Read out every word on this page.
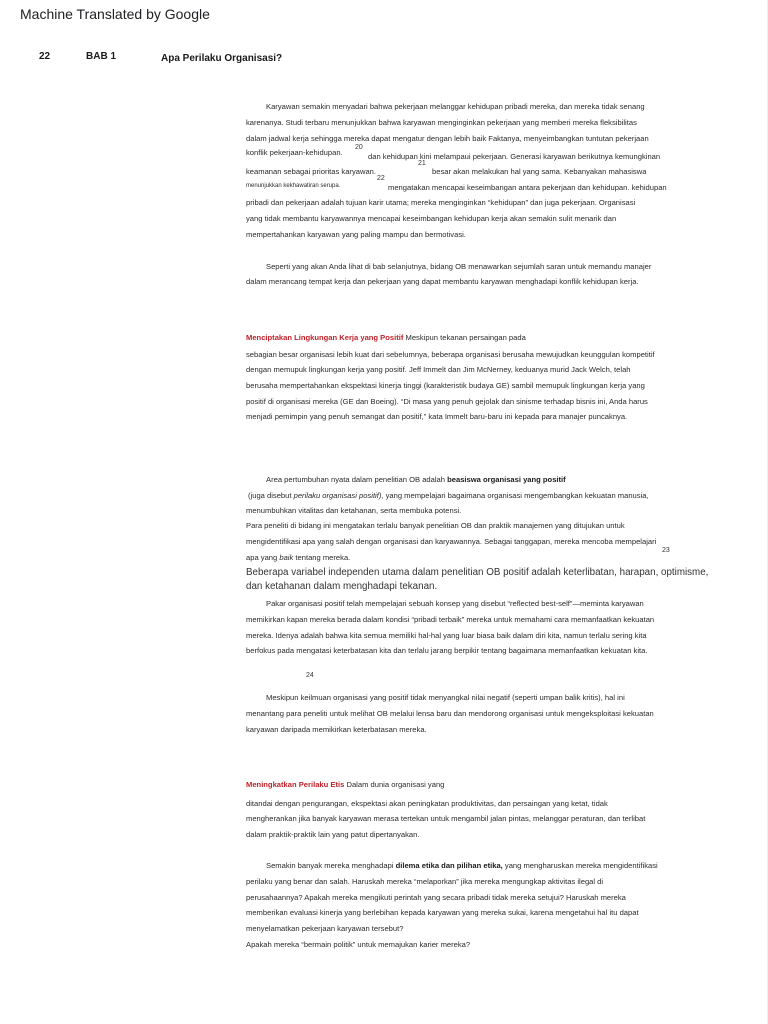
Machine Translated by Google
22	BAB 1	Apa Perilaku Organisasi?
Karyawan semakin menyadari bahwa pekerjaan melanggar kehidupan pribadi mereka, dan mereka tidak senang
karenanya. Studi terbaru menunjukkan bahwa karyawan menginginkan pekerjaan yang memberi mereka fleksibilitas
dalam jadwal kerja sehingga mereka dapat mengatur dengan lebih baik Faktanya, menyeimbangkan tuntutan pekerjaan
konflik pekerjaan-kehidupan.
20
dan kehidupan kini melampaui pekerjaan. Generasi karyawan berikutnya kemungkinan
21
keamanan sebagai prioritas karyawan.	besar akan melakukan hal yang sama. Kebanyakan mahasiswa
22
menunjukkan kekhawatiran serupa.	mengatakan mencapai keseimbangan antara pekerjaan dan kehidupan. kehidupan
pribadi dan pekerjaan adalah tujuan karir utama; mereka menginginkan “kehidupan” dan juga pekerjaan. Organisasi
yang tidak membantu karyawannya mencapai keseimbangan kehidupan kerja akan semakin sulit menarik dan
mempertahankan karyawan yang paling mampu dan bermotivasi.
Seperti yang akan Anda lihat di bab selanjutnya, bidang OB menawarkan sejumlah saran untuk memandu manajer
dalam merancang tempat kerja dan pekerjaan yang dapat membantu karyawan menghadapi konflik kehidupan kerja.
Menciptakan Lingkungan Kerja yang Positif Meskipun tekanan persaingan pada
sebagian besar organisasi lebih kuat dari sebelumnya, beberapa organisasi berusaha mewujudkan keunggulan kompetitif
dengan memupuk lingkungan kerja yang positif. Jeff Immelt dan Jim McNerney, keduanya murid Jack Welch, telah
berusaha mempertahankan ekspektasi kinerja tinggi (karakteristik budaya GE) sambil memupuk lingkungan kerja yang
positif di organisasi mereka (GE dan Boeing). “Di masa yang penuh gejolak dan sinisme terhadap bisnis ini, Anda harus
menjadi pemimpin yang penuh semangat dan positif,” kata Immelt baru-baru ini kepada para manajer puncaknya.
Area pertumbuhan nyata dalam penelitian OB adalah beasiswa organisasi yang positif
(juga disebut perilaku organisasi positif), yang mempelajari bagaimana organisasi mengembangkan kekuatan manusia,
menumbuhkan vitalitas dan ketahanan, serta membuka potensi.
Para peneliti di bidang ini mengatakan terlalu banyak penelitian OB dan praktik manajemen yang ditujukan untuk
mengidentifikasi apa yang salah dengan organisasi dan karyawannya. Sebagai tanggapan, mereka mencoba mempelajari
23
apa yang baik tentang mereka.
Beberapa variabel independen utama dalam penelitian OB positif adalah keterlibatan, harapan, optimisme,
dan ketahanan dalam menghadapi tekanan.
Pakar organisasi positif telah mempelajari sebuah konsep yang disebut “reflected best-self”—meminta karyawan
memikirkan kapan mereka berada dalam kondisi “pribadi terbaik” mereka untuk memahami cara memanfaatkan kekuatan
mereka. Idenya adalah bahwa kita semua memiliki hal-hal yang luar biasa baik dalam diri kita, namun terlalu sering kita
berfokus pada mengatasi keterbatasan kita dan terlalu jarang berpikir tentang bagaimana memanfaatkan kekuatan kita.
24
Meskipun keilmuan organisasi yang positif tidak menyangkal nilai negatif (seperti umpan balik kritis), hal ini
menantang para peneliti untuk melihat OB melalui lensa baru dan mendorong organisasi untuk mengeksploitasi kekuatan
karyawan daripada memikirkan keterbatasan mereka.
Meningkatkan Perilaku Etis Dalam dunia organisasi yang
ditandai dengan pengurangan, ekspektasi akan peningkatan produktivitas, dan persaingan yang ketat, tidak
mengherankan jika banyak karyawan merasa tertekan untuk mengambil jalan pintas, melanggar peraturan, dan terlibat
dalam praktik-praktik lain yang patut dipertanyakan.
Semakin banyak mereka menghadapi dilema etika dan pilihan etika, yang mengharuskan mereka mengidentifikasi
perilaku yang benar dan salah. Haruskah mereka “melaporkan” jika mereka mengungkap aktivitas ilegal di
perusahaannya? Apakah mereka mengikuti perintah yang secara pribadi tidak mereka setujui? Haruskah mereka
memberikan evaluasi kinerja yang berlebihan kepada karyawan yang mereka sukai, karena mengetahui hal itu dapat
menyelamatkan pekerjaan karyawan tersebut?
Apakah mereka “bermain politik” untuk memajukan karier mereka?
